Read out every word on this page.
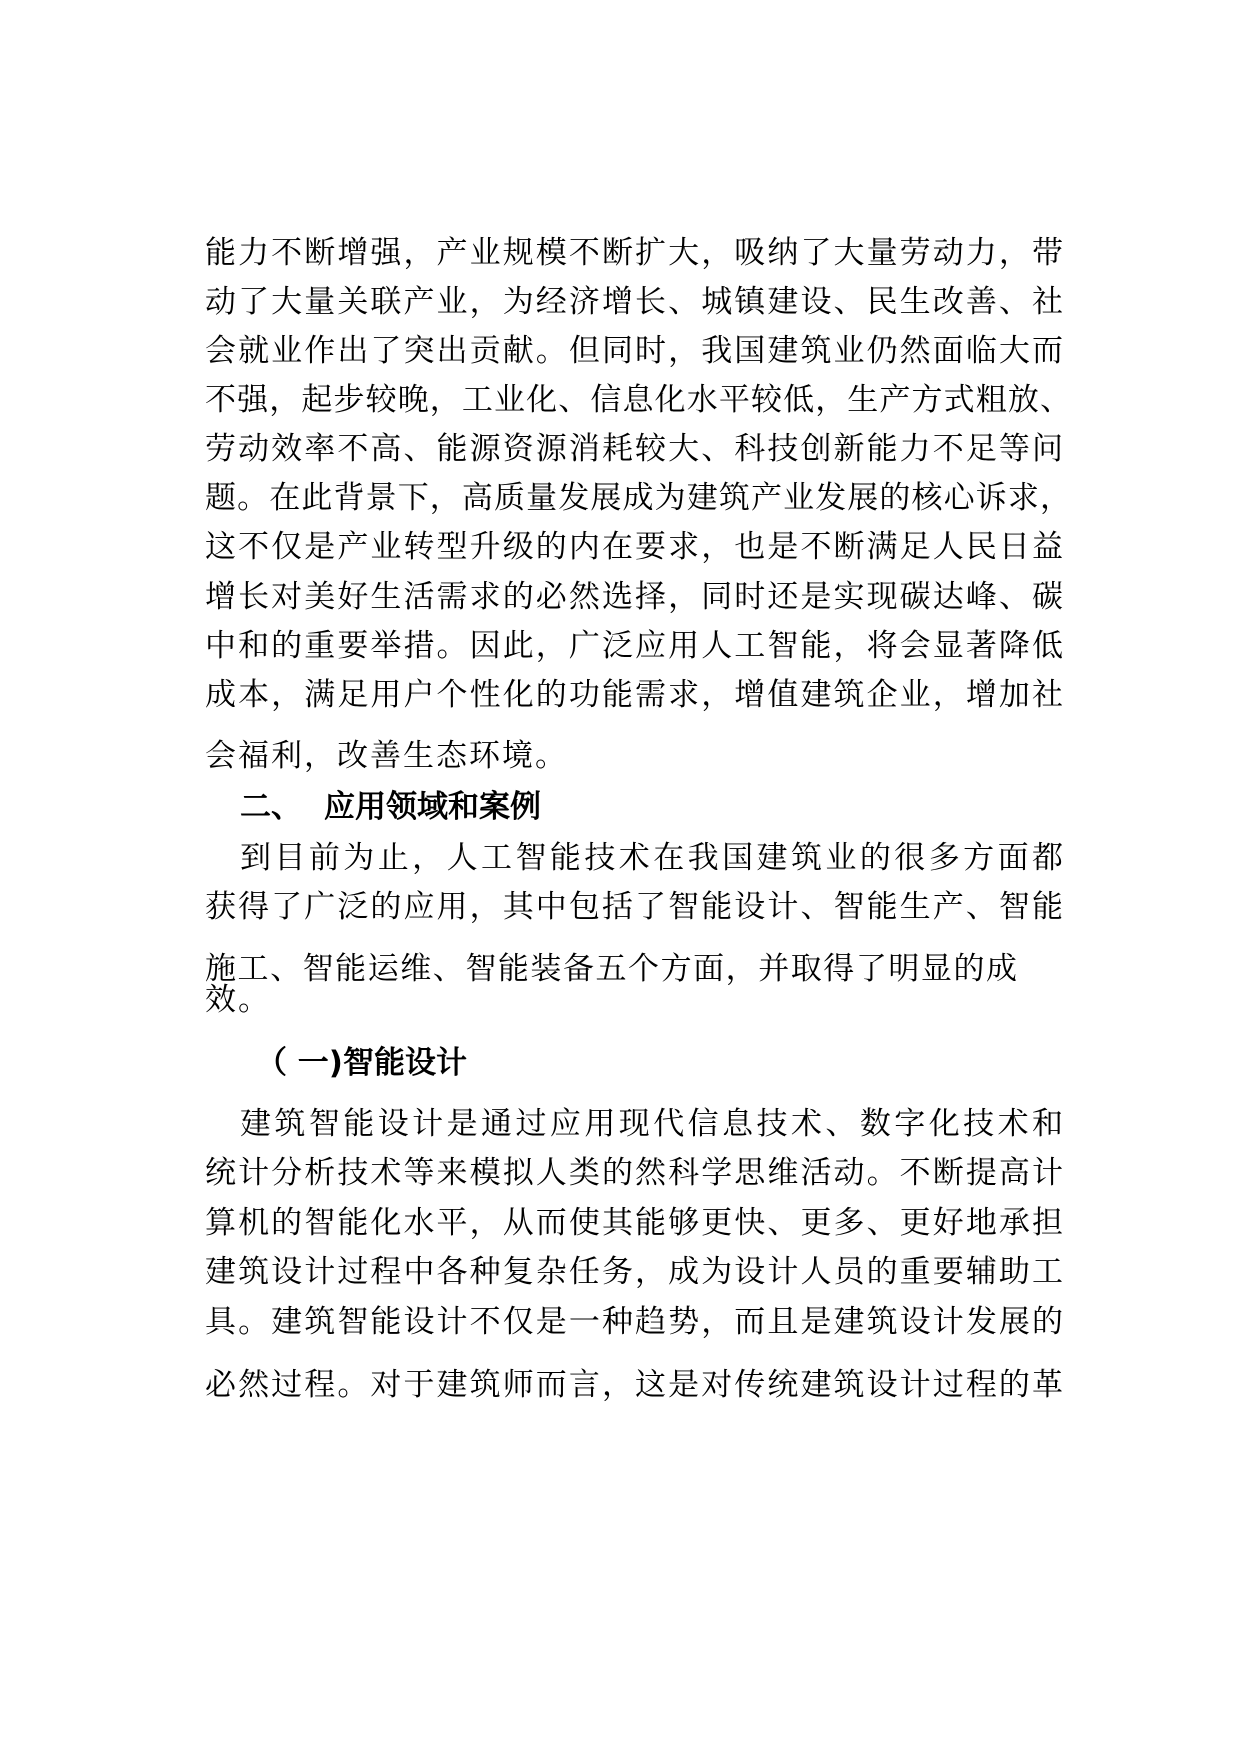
能力不断增强，产业规模不断扩大，吸纳了大量劳动力，带
动了大量关联产业，为经济增长、城镇建设、民生改善、社
会就业作出了突出贡献。但同时，我国建筑业仍然面临大而
不强，起步较晚，工业化、信息化水平较低，生产方式粗放、
劳动效率不高、能源资源消耗较大、科技创新能力不足等问
题。在此背景下，高质量发展成为建筑产业发展的核心诉求，
这不仅是产业转型升级的内在要求，也是不断满足人民日益
增长对美好生活需求的必然选择，同时还是实现碳达峰、碳
中和的重要举措。因此，广泛应用人工智能，将会显著降低
成本，满足用户个性化的功能需求，增值建筑企业，增加社
会福利，改善生态环境。
二、 应用领域和案例
到目前为止，人工智能技术在我国建筑业的很多方面都
获得了广泛的应用，其中包括了智能设计、智能生产、智能
施工、智能运维、智能装备五个方面，并取得了明显的成
效。
（ 一)智能设计
建筑智能设计是通过应用现代信息技术、数字化技术和
统计分析技术等来模拟人类的然科学思维活动。不断提高计
算机的智能化水平，从而使其能够更快、更多、更好地承担
建筑设计过程中各种复杂任务，成为设计人员的重要辅助工
具。建筑智能设计不仅是一种趋势，而且是建筑设计发展的
必然过程。对于建筑师而言，这是对传统建筑设计过程的革
